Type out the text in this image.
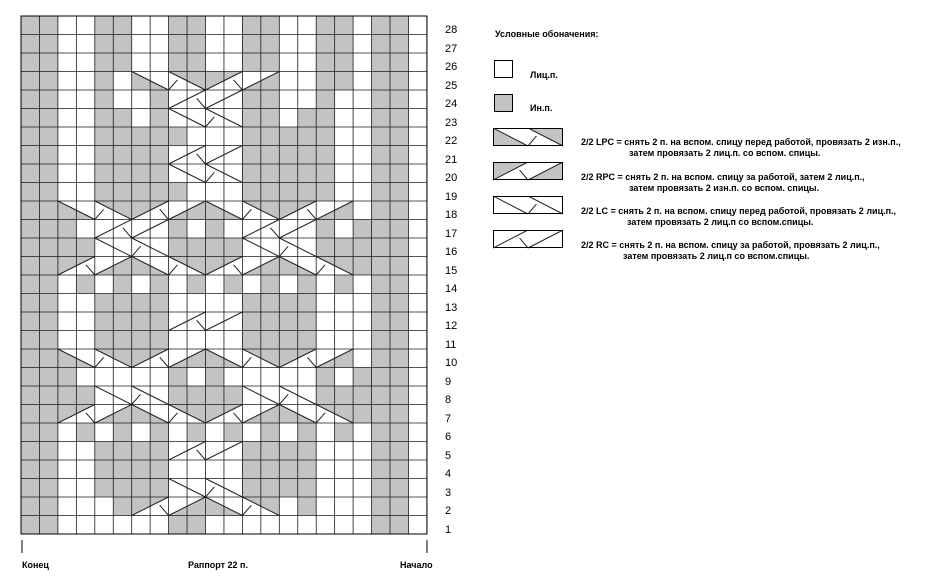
28
27
26
25
24
23
22
21
20
19
18
17
16
15
14
13
12
11
10
9
8
7
6
5
4
3
2
1
Конец	Раппорт 22 п.	Начало
Условные обоначения:
Лиц.п.
Ин.п.
2/2 LPC = снять 2 п. на вспом. спицу перед работой, провязать 2 изн.п.,
затем провязать 2 лиц.п. со вспом. спицы.
2/2 RPC = снять 2 п. на вспом. спицу за работой, затем 2 лиц.п.,
затем провязать 2 изн.п. со вспом. спицы.
2/2 LC = снять 2 п. на вспом. спицу перед работой, провязать 2 лиц.п.,
затем провязать 2 лиц.п со вспом.спицы.
2/2 RC = снять 2 п. на вспом. спицу за работой, провязать 2 лиц.п.,
затем провязать 2 лиц.п со вспом.спицы.
